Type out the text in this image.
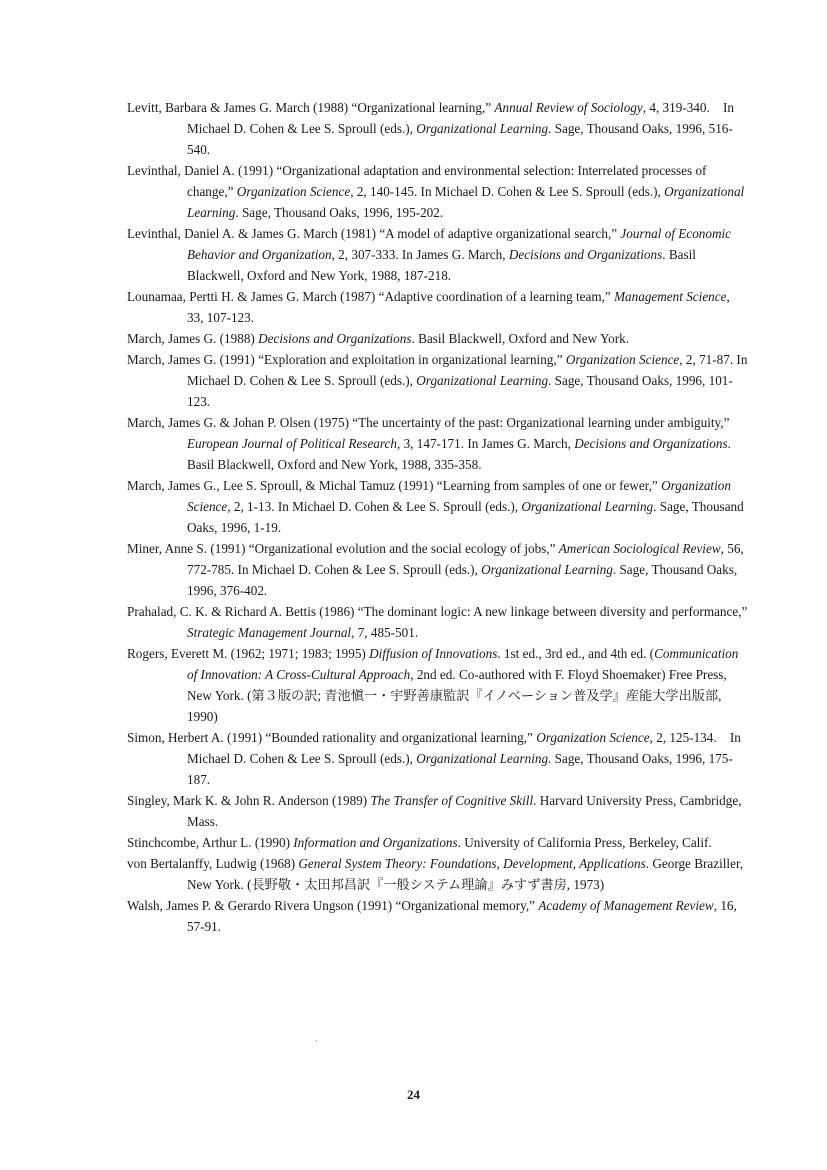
Levitt, Barbara & James G. March (1988) “Organizational learning,” Annual Review of Sociology, 4, 319-340.　In Michael D. Cohen & Lee S. Sproull (eds.), Organizational Learning. Sage, Thousand Oaks, 1996, 516-540.

Levinthal, Daniel A. (1991) “Organizational adaptation and environmental selection: Interrelated processes of change,” Organization Science, 2, 140-145. In Michael D. Cohen & Lee S. Sproull (eds.), Organizational Learning. Sage, Thousand Oaks, 1996, 195-202.

Levinthal, Daniel A. & James G. March (1981) “A model of adaptive organizational search,” Journal of Economic Behavior and Organization, 2, 307-333. In James G. March, Decisions and Organizations. Basil Blackwell, Oxford and New York, 1988, 187-218.

Lounamaa, Pertti H. & James G. March (1987) “Adaptive coordination of a learning team,” Management Science, 33, 107-123.

March, James G. (1988) Decisions and Organizations. Basil Blackwell, Oxford and New York.

March, James G. (1991) “Exploration and exploitation in organizational learning,” Organization Science, 2, 71-87. In Michael D. Cohen & Lee S. Sproull (eds.), Organizational Learning. Sage, Thousand Oaks, 1996, 101-123.

March, James G. & Johan P. Olsen (1975) “The uncertainty of the past: Organizational learning under ambiguity,” European Journal of Political Research, 3, 147-171. In James G. March, Decisions and Organizations. Basil Blackwell, Oxford and New York, 1988, 335-358.

March, James G., Lee S. Sproull, & Michal Tamuz (1991) “Learning from samples of one or fewer,” Organization Science, 2, 1-13. In Michael D. Cohen & Lee S. Sproull (eds.), Organizational Learning. Sage, Thousand Oaks, 1996, 1-19.

Miner, Anne S. (1991) “Organizational evolution and the social ecology of jobs,” American Sociological Review, 56, 772-785. In Michael D. Cohen & Lee S. Sproull (eds.), Organizational Learning. Sage, Thousand Oaks, 1996, 376-402.

Prahalad, C. K. & Richard A. Bettis (1986) “The dominant logic: A new linkage between diversity and performance,” Strategic Management Journal, 7, 485-501.

Rogers, Everett M. (1962; 1971; 1983; 1995) Diffusion of Innovations. 1st ed., 3rd ed., and 4th ed. (Communication of Innovation: A Cross-Cultural Approach, 2nd ed. Co-authored with F. Floyd Shoemaker) Free Press, New York. (第３版の訳; 青池愼一・宇野善康監訳『イノベーション普及学』産能大学出版部, 1990)

Simon, Herbert A. (1991) “Bounded rationality and organizational learning,” Organization Science, 2, 125-134.　In Michael D. Cohen & Lee S. Sproull (eds.), Organizational Learning. Sage, Thousand Oaks, 1996, 175-187.

Singley, Mark K. & John R. Anderson (1989) The Transfer of Cognitive Skill. Harvard University Press, Cambridge, Mass.

Stinchcombe, Arthur L. (1990) Information and Organizations. University of California Press, Berkeley, Calif.

von Bertalanffy, Ludwig (1968) General System Theory: Foundations, Development, Applications. George Braziller, New York. (長野敬・太田邦昌訳『一般システム理論』みすず書房, 1973)

Walsh, James P. & Gerardo Rivera Ungson (1991) “Organizational memory,” Academy of Management Review, 16, 57-91.

24
